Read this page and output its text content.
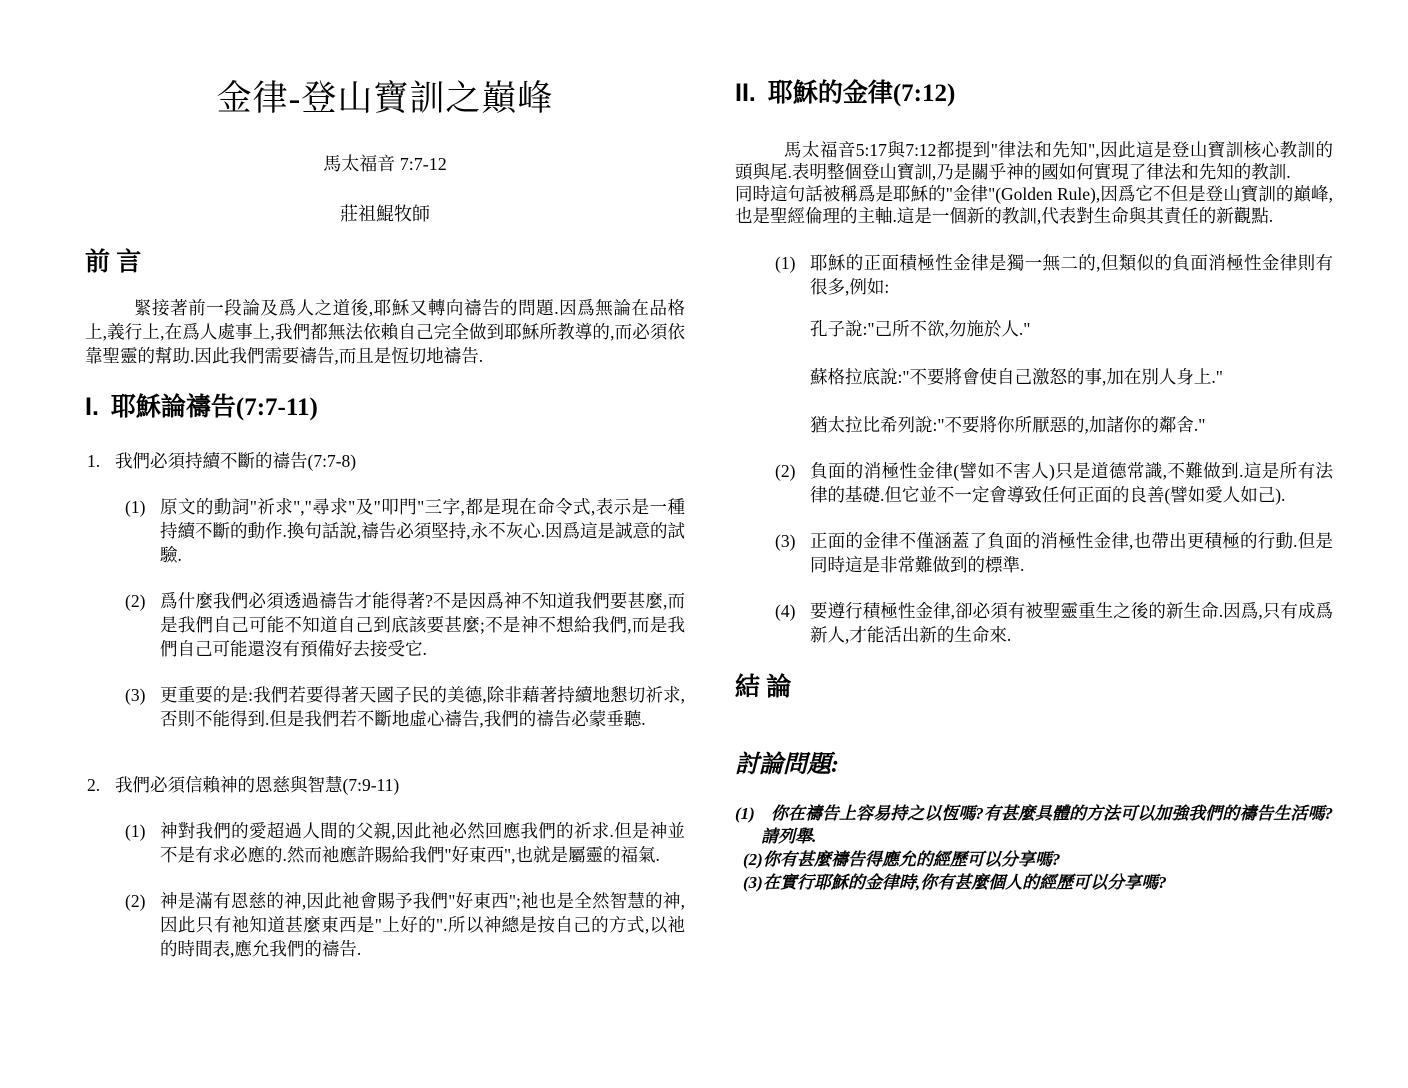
金律-登山寶訓之巔峰
馬太福音 7:7-12
莊祖鯤牧師
前 言
緊接著前一段論及爲人之道後,耶穌又轉向禱告的問題.因爲無論在品格上,義行上,在爲人處事上,我們都無法依賴自己完全做到耶穌所教導的,而必須依靠聖靈的幫助.因此我們需要禱告,而且是恆切地禱告.
I. 耶穌論禱告(7:7-11)
1. 我們必須持續不斷的禱告(7:7-8)
(1) 原文的動詞"祈求","尋求"及"叩門"三字,都是現在命令式,表示是一種持續不斷的動作.換句話說,禱告必須堅持,永不灰心.因爲這是誠意的試驗.
(2) 爲什麼我們必須透過禱告才能得著?不是因爲神不知道我們要甚麼,而是我們自己可能不知道自己到底該要甚麼;不是神不想給我們,而是我們自己可能還沒有預備好去接受它.
(3) 更重要的是:我們若要得著天國子民的美德,除非藉著持續地懇切祈求,否則不能得到.但是我們若不斷地虛心禱告,我們的禱告必蒙垂聽.
2. 我們必須信賴神的恩慈與智慧(7:9-11)
(1) 神對我們的愛超過人間的父親,因此祂必然回應我們的祈求.但是神並不是有求必應的.然而祂應許賜給我們"好東西",也就是屬靈的福氣.
(2) 神是滿有恩慈的神,因此祂會賜予我們"好東西";祂也是全然智慧的神,因此只有祂知道甚麼東西是"上好的".所以神總是按自己的方式,以祂的時間表,應允我們的禱告.
II. 耶穌的金律(7:12)
馬太福音5:17與7:12都提到"律法和先知",因此這是登山寶訓核心教訓的頭與尾.表明整個登山寶訓,乃是關乎神的國如何實現了律法和先知的教訓.
同時這句話被稱爲是耶穌的"金律"(Golden Rule),因爲它不但是登山寶訓的巔峰,也是聖經倫理的主軸.這是一個新的教訓,代表對生命與其責任的新觀點.
(1) 耶穌的正面積極性金律是獨一無二的,但類似的負面消極性金律則有很多,例如:
孔子說:"己所不欲,勿施於人."
蘇格拉底說:"不要將會使自己激怒的事,加在別人身上."
猶太拉比希列說:"不要將你所厭惡的,加諸你的鄰舍."
(2) 負面的消極性金律(譬如不害人)只是道德常識,不難做到.這是所有法律的基礎.但它並不一定會導致任何正面的良善(譬如愛人如己).
(3) 正面的金律不僅涵蓋了負面的消極性金律,也帶出更積極的行動.但是同時這是非常難做到的標準.
(4) 要遵行積極性金律,卻必須有被聖靈重生之後的新生命.因爲,只有成爲新人,才能活出新的生命來.
結 論
討論問題:
(1) 你在禱告上容易持之以恆嗎?有甚麼具體的方法可以加強我們的禱告生活嗎?請列舉.
(2)你有甚麼禱告得應允的經歷可以分享嗎?
(3)在實行耶穌的金律時,你有甚麼個人的經歷可以分享嗎?
